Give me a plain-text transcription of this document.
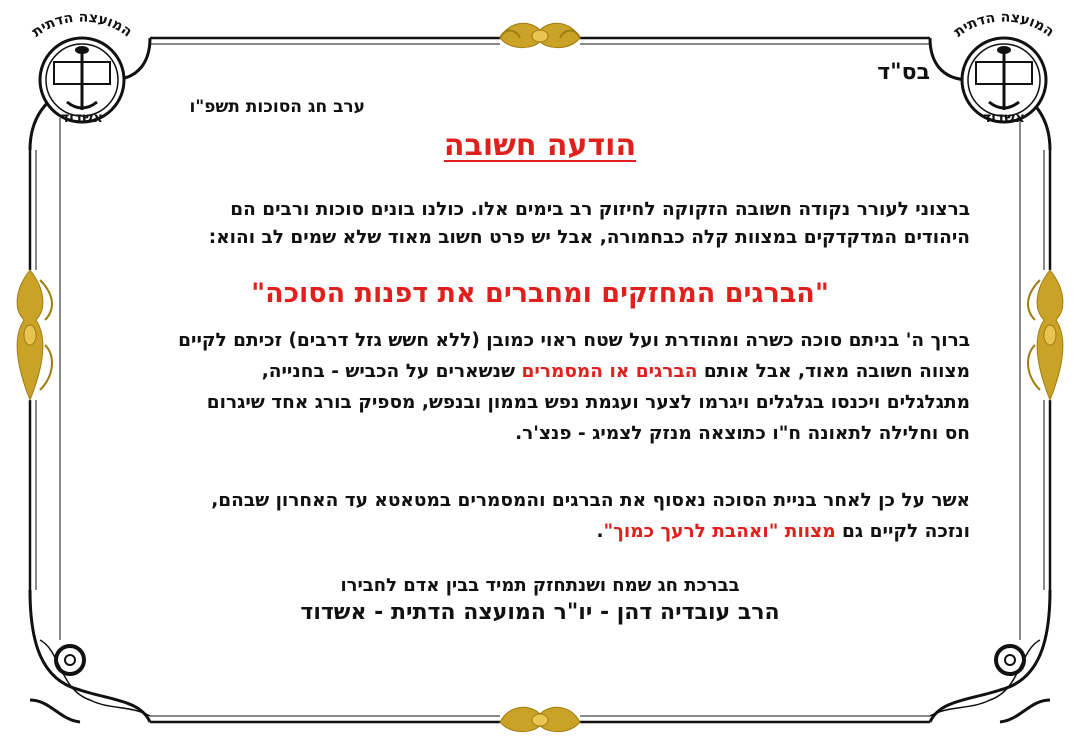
המועצה הדתית
אשדוד
המועצה הדתית
אשדוד
בס"ד
ערב חג הסוכות תשפ"ו
הודעה חשובה
ברצוני לעורר נקודה חשובה הזקוקה לחיזוק רב בימים אלו. כולנו בונים סוכות ורבים הם
היהודים המדקדקים במצוות קלה כבחמורה, אבל יש פרט חשוב מאוד שלא שמים לב והוא:
"הברגים המחזקים ומחברים את דפנות הסוכה"
ברוך ה' בניתם סוכה כשרה ומהודרת ועל שטח ראוי כמובן (ללא חשש גזל דרבים) זכיתם לקיים
מצווה חשובה מאוד, אבל אותם הברגים או המסמרים שנשארים על הכביש - בחנייה,
מתגלגלים ויכנסו בגלגלים ויגרמו לצער ועגמת נפש בממון ובנפש, מספיק בורג אחד שיגרום
חס וחלילה לתאונה ח"ו כתוצאה מנזק לצמיג - פנצ'ר.
אשר על כן לאחר בניית הסוכה נאסוף את הברגים והמסמרים במטאטא עד האחרון שבהם,
ונזכה לקיים גם מצוות "ואהבת לרעך כמוך".
בברכת חג שמח ושנתחזק תמיד בבין אדם לחבירו
הרב עובדיה דהן - יו"ר המועצה הדתית - אשדוד
